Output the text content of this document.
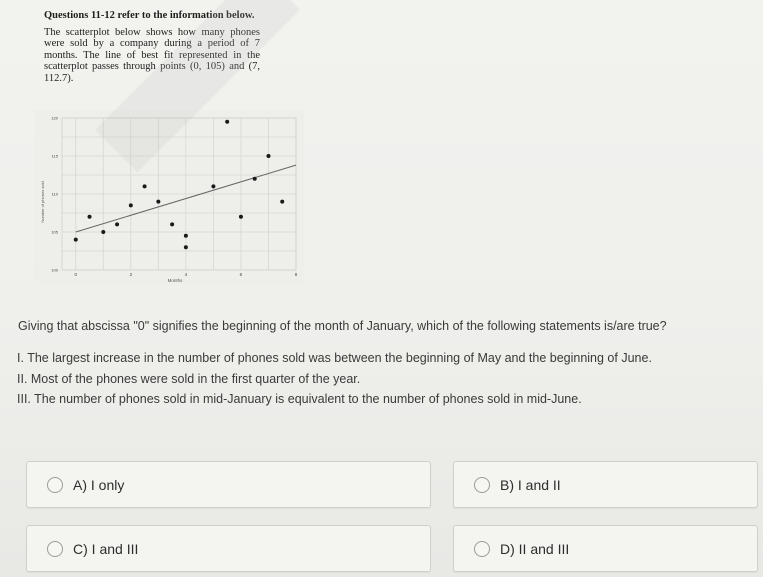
Questions 11-12 refer to the information below.
The scatterplot below shows how many phones were sold by a company during a period of 7 months. The line of best fit represented in the scatterplot passes through points (0, 105) and (7, 112.7).
0	2	4	6	8
100
105
110
115
120
Number of phones sold
Months
Giving that abscissa "0" signifies the beginning of the month of January, which of the following statements is/are true?
I. The largest increase in the number of phones sold was between the beginning of May and the beginning of June.
II. Most of the phones were sold in the first quarter of the year.
III. The number of phones sold in mid-January is equivalent to the number of phones sold in mid-June.
A) I only	B) I and II
C) I and III	D) II and III
